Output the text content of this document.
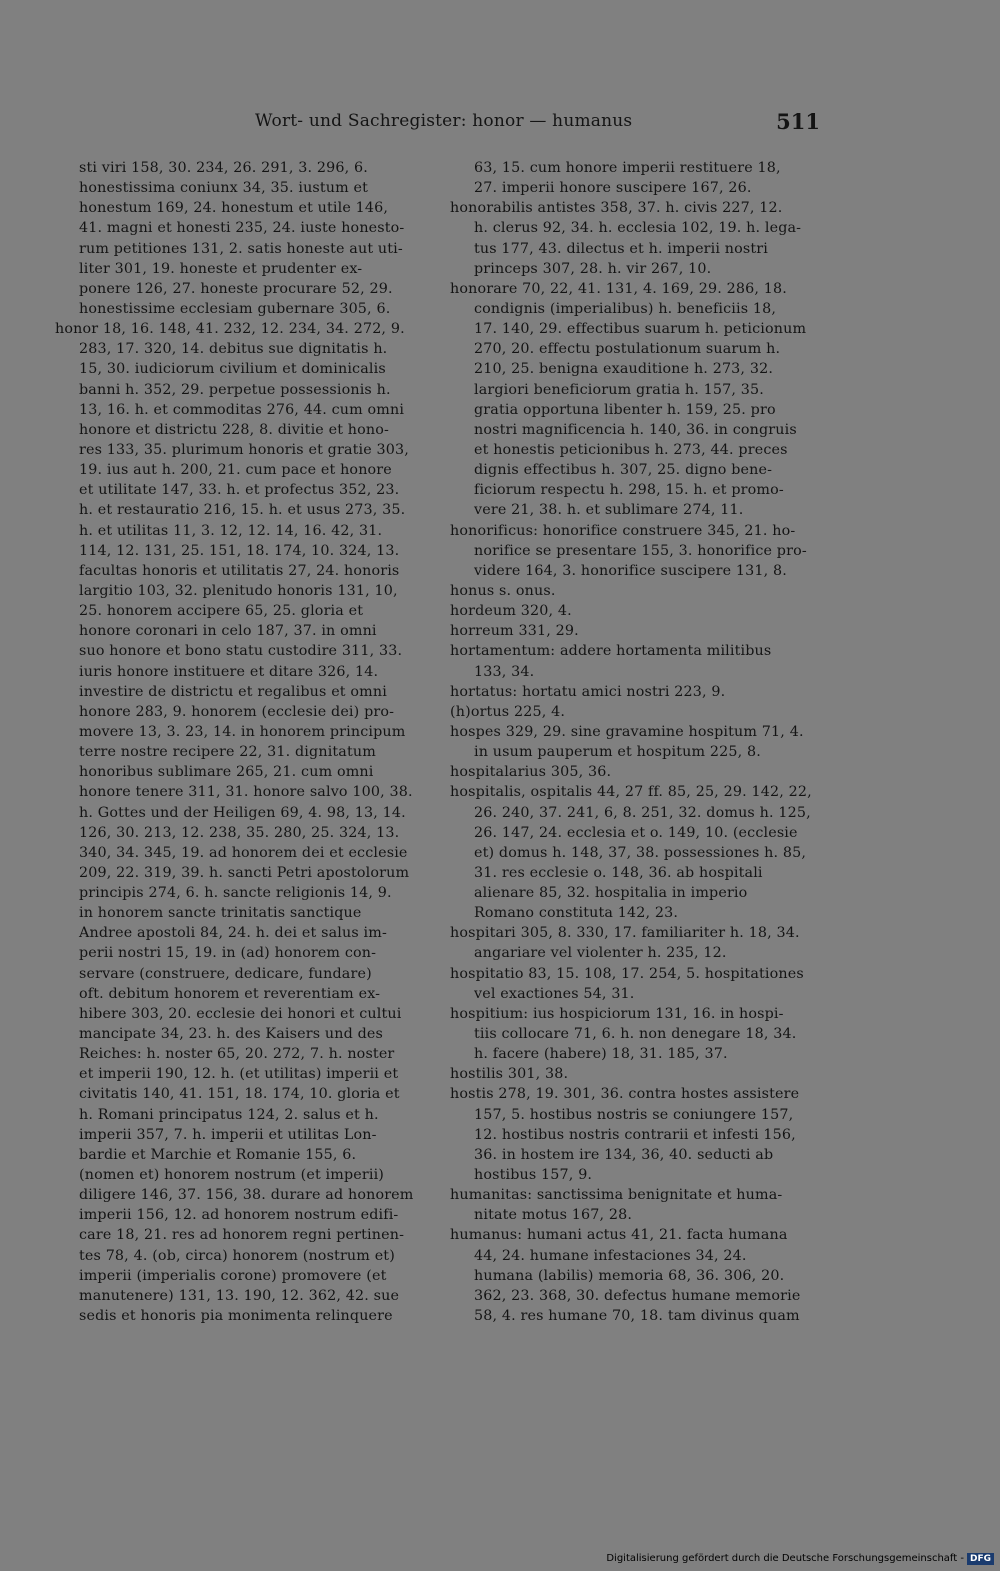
Wort- und Sachregister: honor — humanus	511
sti viri 158, 30. 234, 26. 291, 3. 296, 6.
honestissima coniunx 34, 35. iustum et
honestum 169, 24. honestum et utile 146,
41. magni et honesti 235, 24. iuste honesto-
rum petitiones 131, 2. satis honeste aut uti-
liter 301, 19. honeste et prudenter ex-
ponere 126, 27. honeste procurare 52, 29.
honestissime ecclesiam gubernare 305, 6.
honor 18, 16. 148, 41. 232, 12. 234, 34. 272, 9.
283, 17. 320, 14. debitus sue dignitatis h.
15, 30. iudiciorum civilium et dominicalis
banni h. 352, 29. perpetue possessionis h.
13, 16. h. et commoditas 276, 44. cum omni
honore et districtu 228, 8. divitie et hono-
res 133, 35. plurimum honoris et gratie 303,
19. ius aut h. 200, 21. cum pace et honore
et utilitate 147, 33. h. et profectus 352, 23.
h. et restauratio 216, 15. h. et usus 273, 35.
h. et utilitas 11, 3. 12, 12. 14, 16. 42, 31.
114, 12. 131, 25. 151, 18. 174, 10. 324, 13.
facultas honoris et utilitatis 27, 24. honoris
largitio 103, 32. plenitudo honoris 131, 10,
25. honorem accipere 65, 25. gloria et
honore coronari in celo 187, 37. in omni
suo honore et bono statu custodire 311, 33.
iuris honore instituere et ditare 326, 14.
investire de districtu et regalibus et omni
honore 283, 9. honorem (ecclesie dei) pro-
movere 13, 3. 23, 14. in honorem principum
terre nostre recipere 22, 31. dignitatum
honoribus sublimare 265, 21. cum omni
honore tenere 311, 31. honore salvo 100, 38.
h. Gottes und der Heiligen 69, 4. 98, 13, 14.
126, 30. 213, 12. 238, 35. 280, 25. 324, 13.
340, 34. 345, 19. ad honorem dei et ecclesie
209, 22. 319, 39. h. sancti Petri apostolorum
principis 274, 6. h. sancte religionis 14, 9.
in honorem sancte trinitatis sanctique
Andree apostoli 84, 24. h. dei et salus im-
perii nostri 15, 19. in (ad) honorem con-
servare (construere, dedicare, fundare)
oft. debitum honorem et reverentiam ex-
hibere 303, 20. ecclesie dei honori et cultui
mancipate 34, 23. h. des Kaisers und des
Reiches: h. noster 65, 20. 272, 7. h. noster
et imperii 190, 12. h. (et utilitas) imperii et
civitatis 140, 41. 151, 18. 174, 10. gloria et
h. Romani principatus 124, 2. salus et h.
imperii 357, 7. h. imperii et utilitas Lon-
bardie et Marchie et Romanie 155, 6.
(nomen et) honorem nostrum (et imperii)
diligere 146, 37. 156, 38. durare ad honorem
imperii 156, 12. ad honorem nostrum edifi-
care 18, 21. res ad honorem regni pertinen-
tes 78, 4. (ob, circa) honorem (nostrum et)
imperii (imperialis corone) promovere (et
manutenere) 131, 13. 190, 12. 362, 42. sue
sedis et honoris pia monimenta relinquere
63, 15. cum honore imperii restituere 18,
27. imperii honore suscipere 167, 26.
honorabilis antistes 358, 37. h. civis 227, 12.
h. clerus 92, 34. h. ecclesia 102, 19. h. lega-
tus 177, 43. dilectus et h. imperii nostri
princeps 307, 28. h. vir 267, 10.
honorare 70, 22, 41. 131, 4. 169, 29. 286, 18.
condignis (imperialibus) h. beneficiis 18,
17. 140, 29. effectibus suarum h. peticionum
270, 20. effectu postulationum suarum h.
210, 25. benigna exauditione h. 273, 32.
largiori beneficiorum gratia h. 157, 35.
gratia opportuna libenter h. 159, 25. pro
nostri magnificencia h. 140, 36. in congruis
et honestis peticionibus h. 273, 44. preces
dignis effectibus h. 307, 25. digno bene-
ficiorum respectu h. 298, 15. h. et promo-
vere 21, 38. h. et sublimare 274, 11.
honorificus: honorifice construere 345, 21. ho-
norifice se presentare 155, 3. honorifice pro-
videre 164, 3. honorifice suscipere 131, 8.
honus s. onus.
hordeum 320, 4.
horreum 331, 29.
hortamentum: addere hortamenta militibus
133, 34.
hortatus: hortatu amici nostri 223, 9.
(h)ortus 225, 4.
hospes 329, 29. sine gravamine hospitum 71, 4.
in usum pauperum et hospitum 225, 8.
hospitalarius 305, 36.
hospitalis, ospitalis 44, 27 ff. 85, 25, 29. 142, 22,
26. 240, 37. 241, 6, 8. 251, 32. domus h. 125,
26. 147, 24. ecclesia et o. 149, 10. (ecclesie
et) domus h. 148, 37, 38. possessiones h. 85,
31. res ecclesie o. 148, 36. ab hospitali
alienare 85, 32. hospitalia in imperio
Romano constituta 142, 23.
hospitari 305, 8. 330, 17. familiariter h. 18, 34.
angariare vel violenter h. 235, 12.
hospitatio 83, 15. 108, 17. 254, 5. hospitationes
vel exactiones 54, 31.
hospitium: ius hospiciorum 131, 16. in hospi-
tiis collocare 71, 6. h. non denegare 18, 34.
h. facere (habere) 18, 31. 185, 37.
hostilis 301, 38.
hostis 278, 19. 301, 36. contra hostes assistere
157, 5. hostibus nostris se coniungere 157,
12. hostibus nostris contrarii et infesti 156,
36. in hostem ire 134, 36, 40. seducti ab
hostibus 157, 9.
humanitas: sanctissima benignitate et huma-
nitate motus 167, 28.
humanus: humani actus 41, 21. facta humana
44, 24. humane infestaciones 34, 24.
humana (labilis) memoria 68, 36. 306, 20.
362, 23. 368, 30. defectus humane memorie
58, 4. res humane 70, 18. tam divinus quam
Digitalisierung gefördert durch die Deutsche Forschungsgemeinschaft - DFG
